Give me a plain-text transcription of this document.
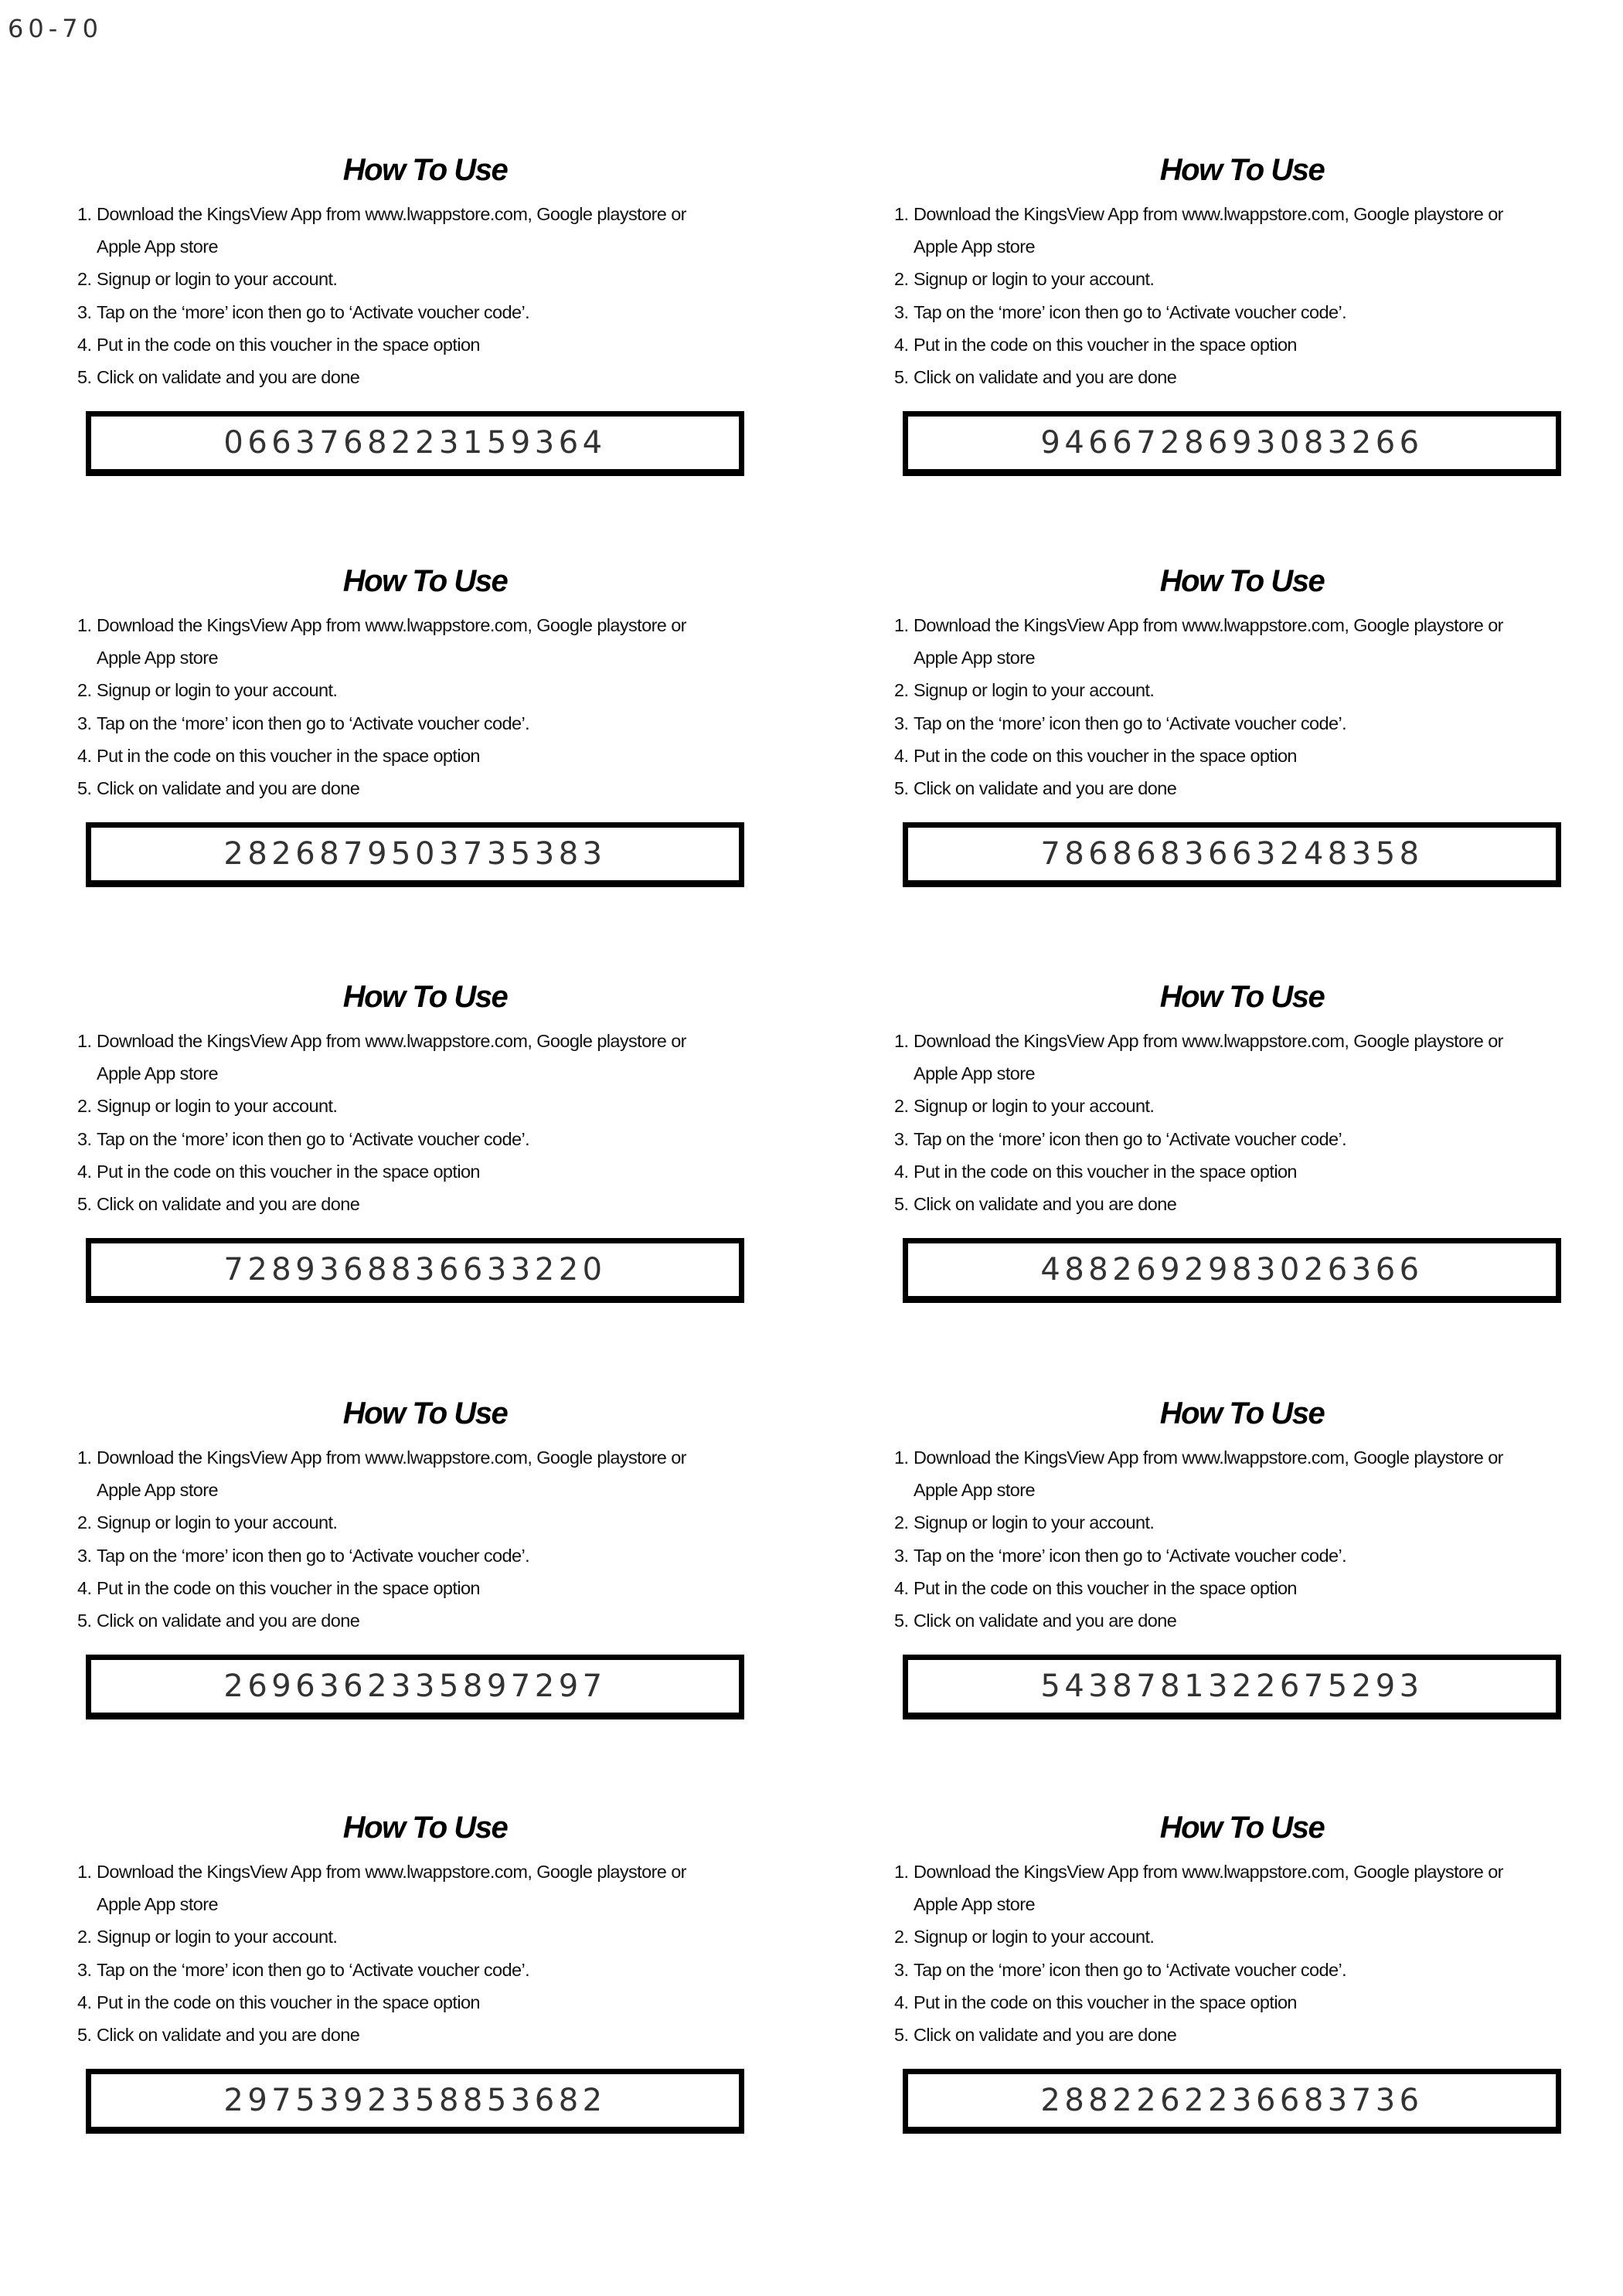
60-70
How To Use
1. Download the KingsView App from www.lwappstore.com, Google playstore or
Apple App store
2. Signup or login to your account.
3. Tap on the ‘more’ icon then go to ‘Activate voucher code’.
4. Put in the code on this voucher in the space option
5. Click on validate and you are done
0663768223159364
How To Use
1. Download the KingsView App from www.lwappstore.com, Google playstore or
Apple App store
2. Signup or login to your account.
3. Tap on the ‘more’ icon then go to ‘Activate voucher code’.
4. Put in the code on this voucher in the space option
5. Click on validate and you are done
9466728693083266
How To Use
1. Download the KingsView App from www.lwappstore.com, Google playstore or
Apple App store
2. Signup or login to your account.
3. Tap on the ‘more’ icon then go to ‘Activate voucher code’.
4. Put in the code on this voucher in the space option
5. Click on validate and you are done
2826879503735383
How To Use
1. Download the KingsView App from www.lwappstore.com, Google playstore or
Apple App store
2. Signup or login to your account.
3. Tap on the ‘more’ icon then go to ‘Activate voucher code’.
4. Put in the code on this voucher in the space option
5. Click on validate and you are done
7868683663248358
How To Use
1. Download the KingsView App from www.lwappstore.com, Google playstore or
Apple App store
2. Signup or login to your account.
3. Tap on the ‘more’ icon then go to ‘Activate voucher code’.
4. Put in the code on this voucher in the space option
5. Click on validate and you are done
7289368836633220
How To Use
1. Download the KingsView App from www.lwappstore.com, Google playstore or
Apple App store
2. Signup or login to your account.
3. Tap on the ‘more’ icon then go to ‘Activate voucher code’.
4. Put in the code on this voucher in the space option
5. Click on validate and you are done
4882692983026366
How To Use
1. Download the KingsView App from www.lwappstore.com, Google playstore or
Apple App store
2. Signup or login to your account.
3. Tap on the ‘more’ icon then go to ‘Activate voucher code’.
4. Put in the code on this voucher in the space option
5. Click on validate and you are done
2696362335897297
How To Use
1. Download the KingsView App from www.lwappstore.com, Google playstore or
Apple App store
2. Signup or login to your account.
3. Tap on the ‘more’ icon then go to ‘Activate voucher code’.
4. Put in the code on this voucher in the space option
5. Click on validate and you are done
5438781322675293
How To Use
1. Download the KingsView App from www.lwappstore.com, Google playstore or
Apple App store
2. Signup or login to your account.
3. Tap on the ‘more’ icon then go to ‘Activate voucher code’.
4. Put in the code on this voucher in the space option
5. Click on validate and you are done
2975392358853682
How To Use
1. Download the KingsView App from www.lwappstore.com, Google playstore or
Apple App store
2. Signup or login to your account.
3. Tap on the ‘more’ icon then go to ‘Activate voucher code’.
4. Put in the code on this voucher in the space option
5. Click on validate and you are done
2882262236683736
